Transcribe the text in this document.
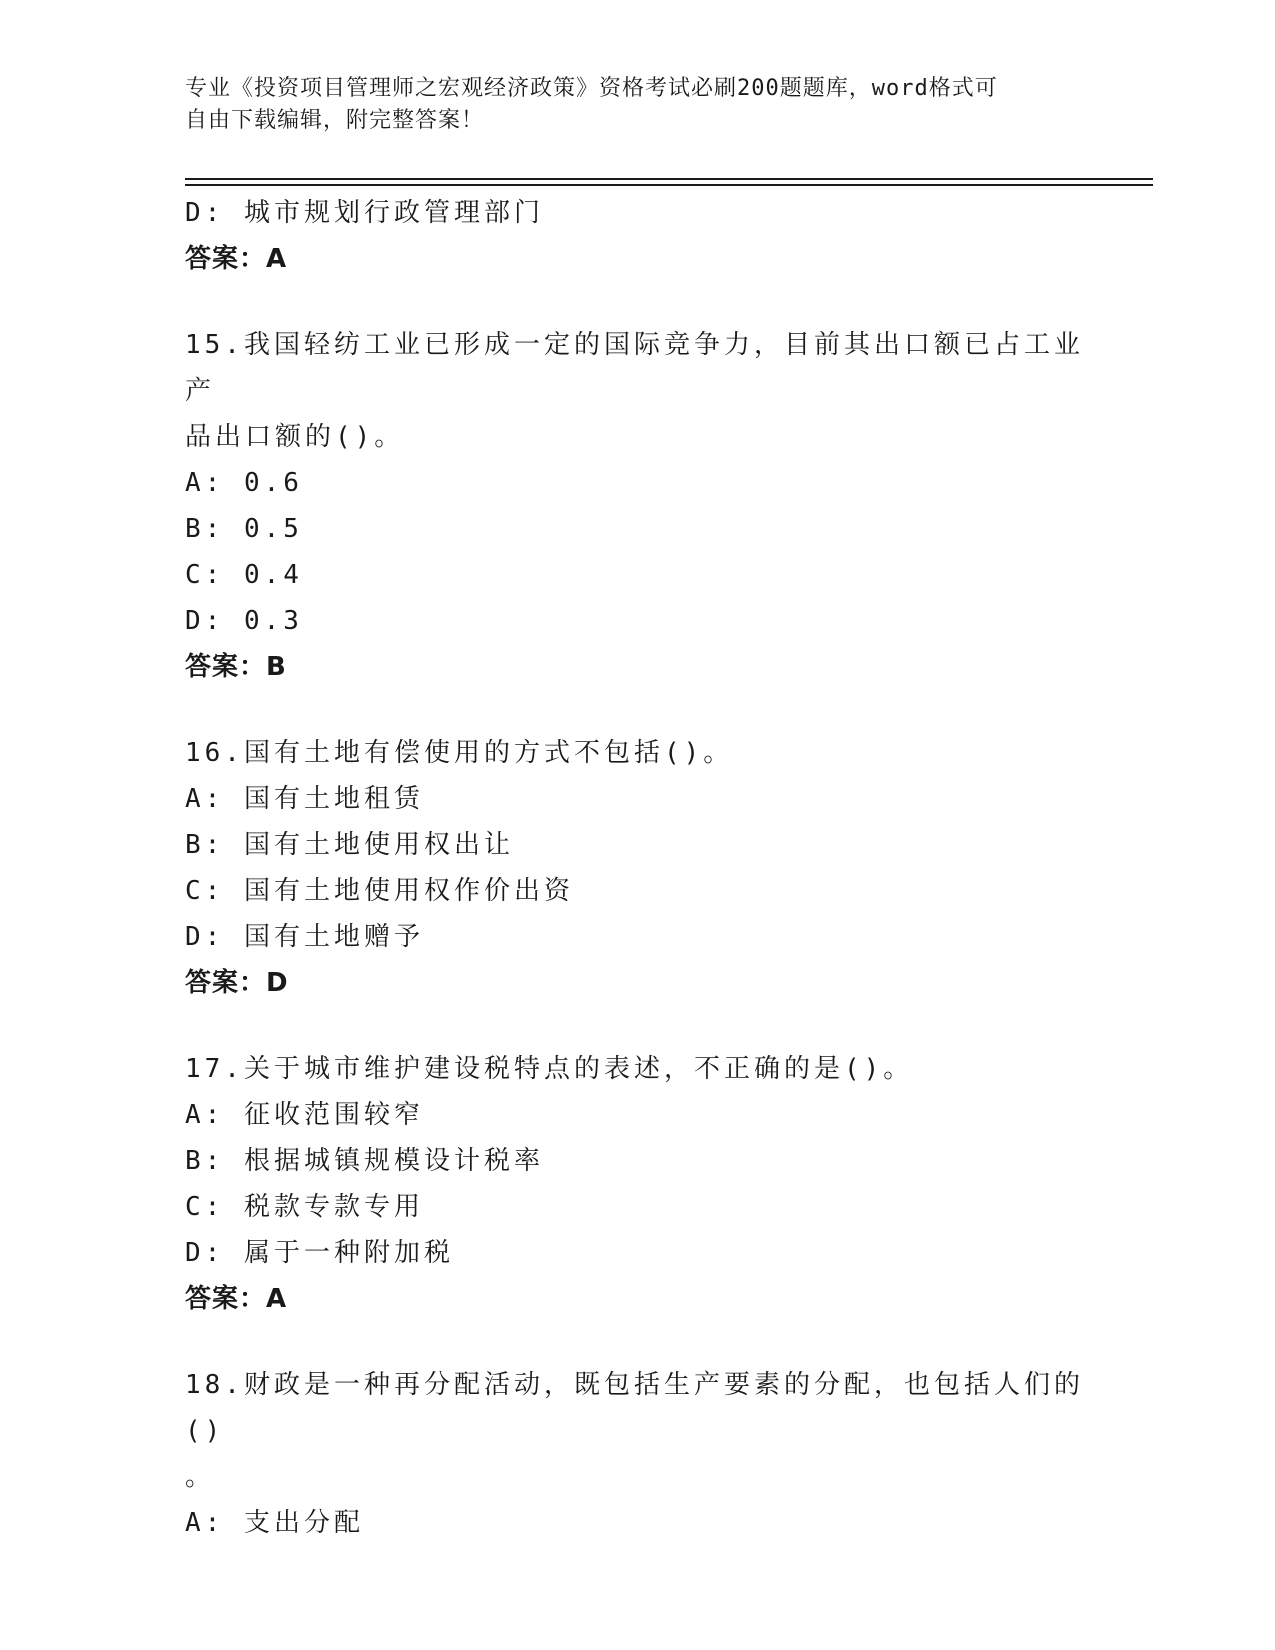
专业《投资项目管理师之宏观经济政策》资格考试必刷200题题库，word格式可
自由下载编辑，附完整答案！
D: 城市规划行政管理部门
答案：A
15.我国轻纺工业已形成一定的国际竞争力，目前其出口额已占工业产
品出口额的()。
A: 0.6
B: 0.5
C: 0.4
D: 0.3
答案：B
16.国有土地有偿使用的方式不包括()。
A: 国有土地租赁
B: 国有土地使用权出让
C: 国有土地使用权作价出资
D: 国有土地赠予
答案：D
17.关于城市维护建设税特点的表述，不正确的是()。
A: 征收范围较窄
B: 根据城镇规模设计税率
C: 税款专款专用
D: 属于一种附加税
答案：A
18.财政是一种再分配活动，既包括生产要素的分配，也包括人们的()
。
A: 支出分配
